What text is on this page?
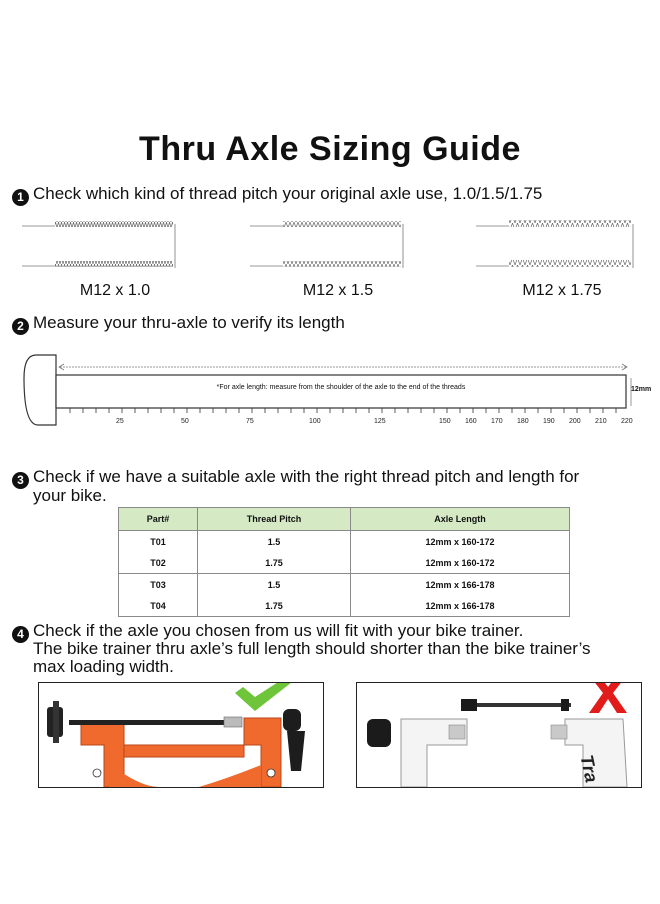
Thru Axle Sizing Guide
1 Check which kind of thread pitch your original axle use, 1.0/1.5/1.75
M12 x 1.0	M12 x 1.5	M12 x 1.75
2 Measure your thru-axle to verify its length
*For axle length: measure from the shoulder of the axle to the end of the threads	12mm
25	50	75	100	125	150 160 170 180 190 200 210 220
3 Check if we have a suitable axle with the right thread pitch and length for
your bike.
Part#	Thread Pitch	Axle Length
T01	1.5	12mm x 160-172
T02	1.75	12mm x 160-172
T03	1.5	12mm x 166-178
T04	1.75	12mm x 166-178
4 Check if the axle you chosen from us will fit with your bike trainer.
The bike trainer thru axle’s full length should shorter than the bike trainer’s
max loading width.
Tra
